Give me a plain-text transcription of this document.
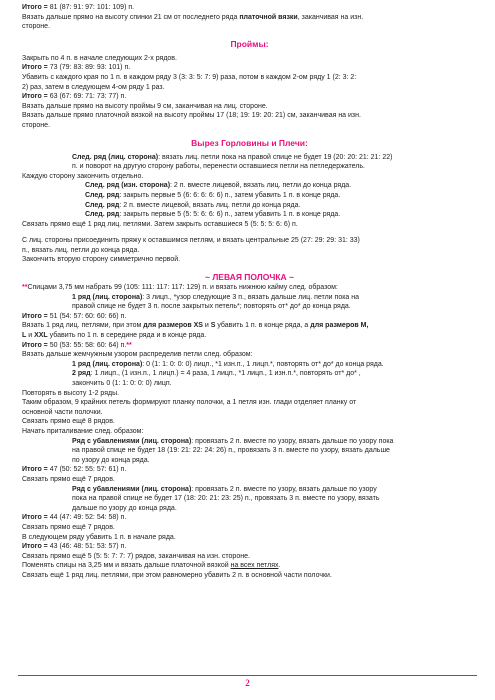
Итого = 81 (87: 91: 97: 101: 109) п.

Вязать дальше прямо на высоту спинки 21 см от последнего ряда платочной вязки, заканчивая на изн.

стороне.

Проймы:

Закрыть по 4 п. в начале следующих 2-х рядов.

Итого = 73 (79: 83: 89: 93: 101) п.

Убавить с каждого края по 1 п. в каждом ряду 3 (3: 3: 5: 7: 9) раза, потом в каждом 2-ом ряду 1 (2: 3: 2:

2) раз, затем в следующем 4-ом ряду 1 раз.

Итого = 63 (67: 69: 71: 73: 77) п.

Вязать дальше прямо на высоту проймы 9 см, заканчивая на лиц. стороне.

Вязать дальше прямо платочной вязкой на высоту проймы 17 (18; 19: 19: 20: 21) см, заканчивая на изн.

стороне.

Вырез Горловины и Плечи:

След. ряд (лиц. сторона): вязать лиц. петли пока на правой спице не будет 19 (20: 20: 21: 21: 22)

п. и поворот на другую сторону работы, перенести оставшиеся петли на петледержатель.

Каждую сторону закончить отдельно.

След. ряд (изн. сторона): 2 п. вместе лицевой, вязать лиц. петли до конца ряда.

След. ряд: закрыть первые 5 (6: 6: 6: 6: 6) п., затем убавить 1 п. в конце ряда.

След. ряд: 2 п. вместе лицевой, вязать лиц. петли до конца ряда.

След. ряд: закрыть первые 5 (5: 5: 6: 6: 6) п., затем убавить 1 п. в конце ряда.

Связать прямо ещё 1 ряд лиц. петлями. Затем закрыть оставшиеся 5 (5: 5: 5: 6: 6) п.

С лиц. стороны присоединить пряжу к оставшимся петлям, и вязать центральные 25 (27: 29: 29: 31: 33)

п., вязать лиц. петли до конца ряда.

Закончить вторую сторону симметрично первой.

~ ЛЕВАЯ ПОЛОЧКА ~

**Спицами 3,75 мм набрать 99 (105: 111: 117: 117: 129) п. и вязать нижнюю кайму след. образом:

1 ряд (лиц. сторона): 3 лицп., *узор следующие 3 п., вязать дальше лиц. петли пока на

правой спице не будет 3 п. после закрытых петель*; повторять от* до* до конца ряда.

Итого = 51 (54: 57: 60: 60: 66) п.

Вязать 1 ряд лиц. петлями, при этом для размеров XS и S убавить 1 п. в конце ряда, а для размеров M,

L и XXL убавить по 1 п. в середине ряда и в конце ряда.

Итого = 50 (53: 55: 58: 60: 64) п.**

Вязать дальше жемчужным узором распределив петли след. образом:

1 ряд (лиц. сторона): 0 (1: 1: 0: 0: 0) лицп., *1 изн.п., 1 лицп.*, повторять от* до* до конца ряда.

2 ряд: 1 лицп., (1 изн.п., 1 лицп.) = 4 раза, 1 лицп., *1 лицп., 1 изн.п.*, повторять от* до* ,

закончить 0 (1: 1: 0: 0: 0) лицп.

Повторять в высоту 1-2 ряды.

Таким образом, 9 крайних петель формируют планку полочки, а 1 петля изн. глади отделяет планку от

основной части полочки.

Связать прямо ещё 8 рядов.

Начать приталивание след. образом:

Ряд с убавлениями (лиц. сторона): провязать 2 п. вместе по узору, вязать дальше по узору пока

на правой спице не будет 18 (19: 21: 22: 24: 26) п., провязать 3 п. вместе по узору, вязать дальше

по узору до конца ряда.

Итого = 47 (50: 52: 55: 57: 61) п.

Связать прямо ещё 7 рядов.

Ряд с убавлениями (лиц. сторона): провязать 2 п. вместе по узору, вязать дальше по узору

пока на правой спице не будет 17 (18: 20: 21: 23: 25) п., провязать 3 п. вместе по узору, вязать

дальше по узору до конца ряда.

Итого = 44 (47: 49: 52: 54: 58) п.

Связать прямо ещё 7 рядов.

В следующем ряду убавить 1 п. в начале ряда.

Итого = 43 (46: 48: 51: 53: 57) п.

Связать прямо ещё 5 (5: 5: 7: 7: 7) рядов, заканчивая на изн. стороне.

Поменять спицы на 3,25 мм и вязать дальше платочной вязкой на всех петлях.

Связать ещё 1 ряд лиц. петлями, при этом равномерно убавить 2 п. в основной части полочки.

2
